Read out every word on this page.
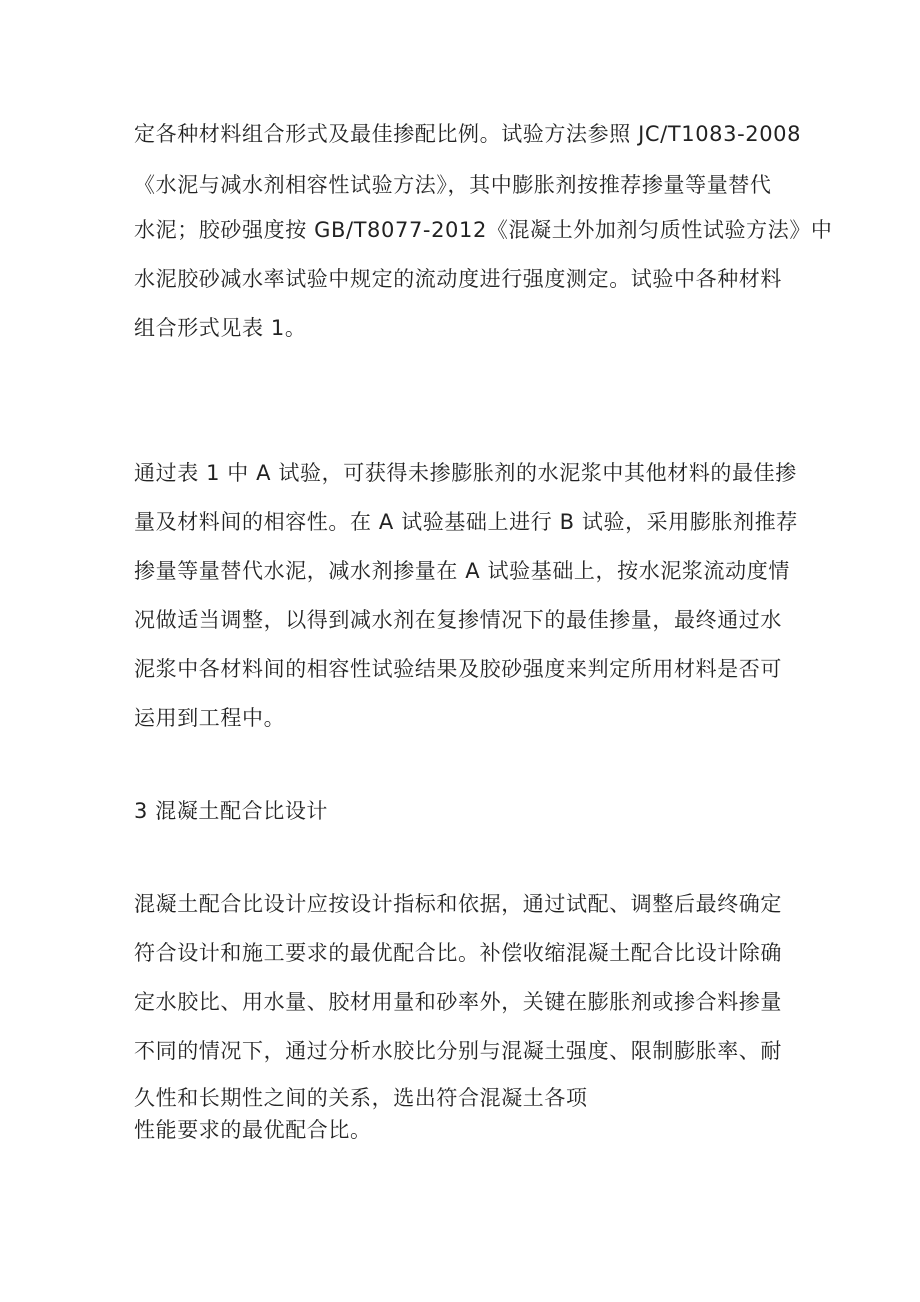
定各种材料组合形式及最佳掺配比例。试验方法参照 JC/T1083-2008
《水泥与减水剂相容性试验方法》，其中膨胀剂按推荐掺量等量替代
水泥；胶砂强度按 GB/T8077-2012《混凝土外加剂匀质性试验方法》中
水泥胶砂减水率试验中规定的流动度进行强度测定。试验中各种材料
组合形式见表 1。
通过表 1 中 A 试验，可获得未掺膨胀剂的水泥浆中其他材料的最佳掺
量及材料间的相容性。在 A 试验基础上进行 B 试验，采用膨胀剂推荐
掺量等量替代水泥，减水剂掺量在 A 试验基础上，按水泥浆流动度情
况做适当调整，以得到减水剂在复掺情况下的最佳掺量，最终通过水
泥浆中各材料间的相容性试验结果及胶砂强度来判定所用材料是否可
运用到工程中。
3 混凝土配合比设计
混凝土配合比设计应按设计指标和依据，通过试配、调整后最终确定
符合设计和施工要求的最优配合比。补偿收缩混凝土配合比设计除确
定水胶比、用水量、胶材用量和砂率外，关键在膨胀剂或掺合料掺量
不同的情况下，通过分析水胶比分别与混凝土强度、限制膨胀率、耐
久性和长期性之间的关系，选出符合混凝土各项
性能要求的最优配合比。
